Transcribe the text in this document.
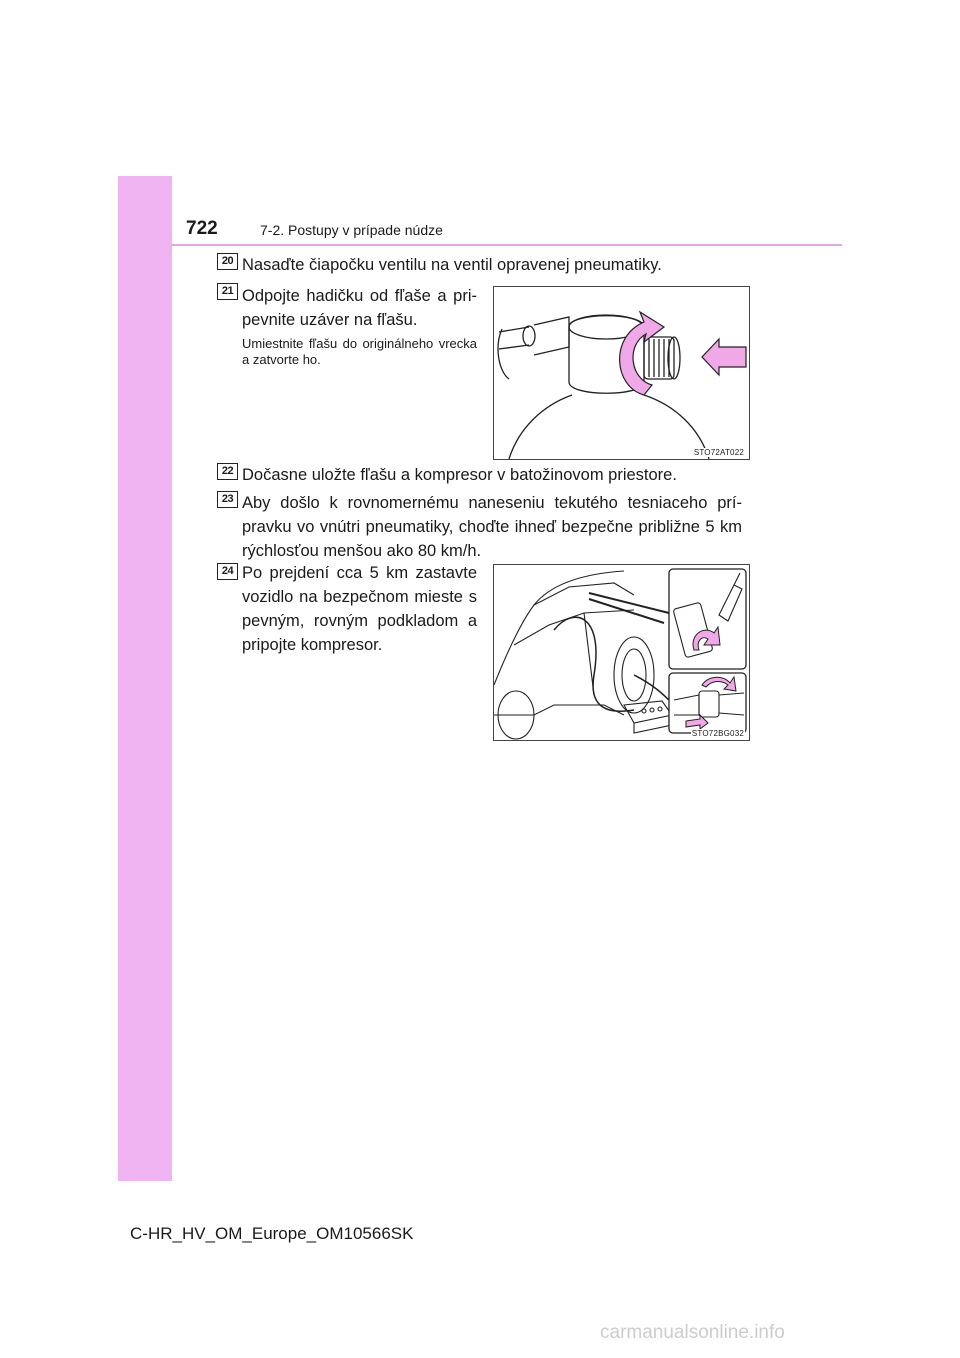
722	7-2. Postupy v prípade núdze
20 Nasaďte čiapočku ventilu na ventil opravenej pneumatiky.
21 Odpojte hadičku od fľaše a pri-pevnite uzáver na fľašu.
Umiestnite fľašu do originálneho vrecka a zatvorte ho.
STO72AT022
22 Dočasne uložte fľašu a kompresor v batožinovom priestore.
23 Aby došlo k rovnomernému naneseniu tekutého tesniaceho prí-pravku vo vnútri pneumatiky, choďte ihneď bezpečne približne 5 km rýchlosťou menšou ako 80 km/h.
24 Po prejdení cca 5 km zastavte vozidlo na bezpečnom mieste s pevným, rovným podkladom a pripojte kompresor.
STO72BG032
C-HR_HV_OM_Europe_OM10566SK
carmanualsonline.info
